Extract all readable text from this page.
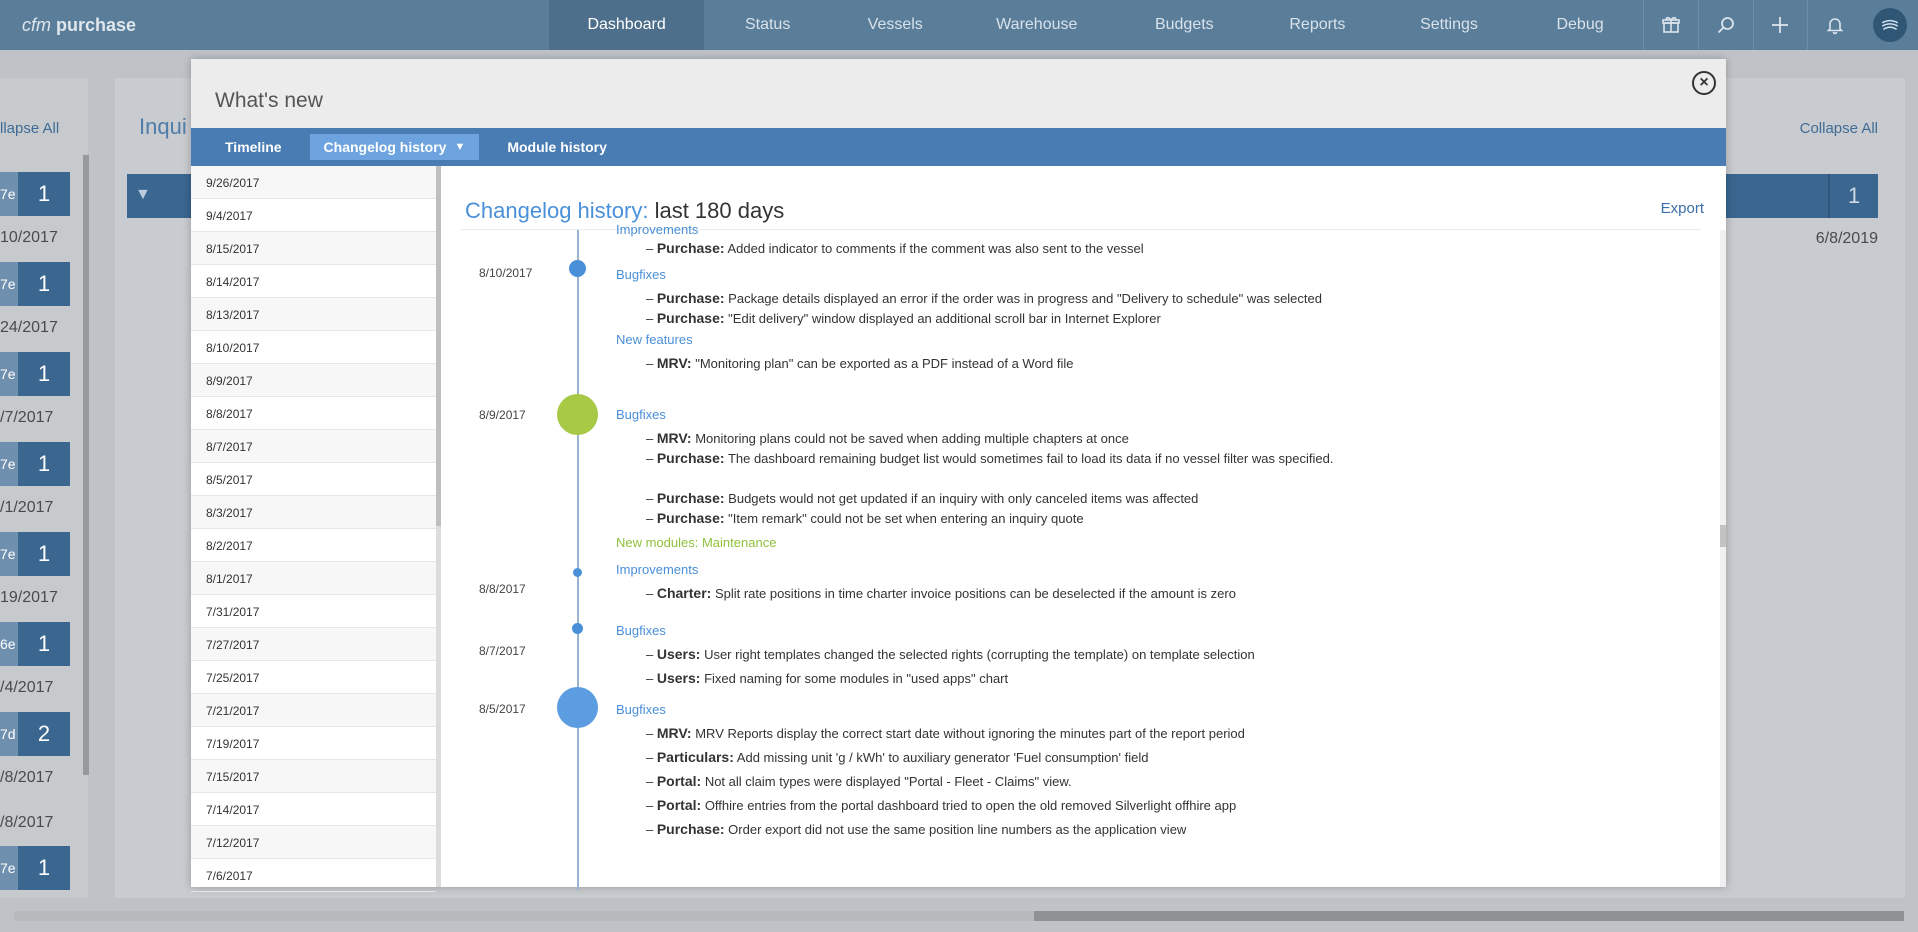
cfm purchase	Dashboard	Status	Vessels	Warehouse	Budgets	Reports	Settings	Debug
llapse All
7e	1
10/2017
7e	1
24/2017
7e	1
/7/2017
7e	1
/1/2017
7e	1
19/2017
6e	1
/4/2017
7d	2
/8/2017
/8/2017
7e	1
Inqui
▼
Collapse All
1
6/8/2019
What's new
×
Timeline	Changelog history ▼	Module history
9/26/2017
9/4/2017
8/15/2017
8/14/2017
8/13/2017
8/10/2017
8/9/2017
8/8/2017
8/7/2017
8/5/2017
8/3/2017
8/2/2017
8/1/2017
7/31/2017
7/27/2017
7/25/2017
7/21/2017
7/19/2017
7/15/2017
7/14/2017
7/12/2017
7/6/2017
Changelog history: last 180 days	Export
Improvements
– Purchase: Added indicator to comments if the comment was also sent to the vessel
8/10/2017	Bugfixes
– Purchase: Package details displayed an error if the order was in progress and "Delivery to schedule" was selected
– Purchase: "Edit delivery" window displayed an additional scroll bar in Internet Explorer
New features
– MRV: "Monitoring plan" can be exported as a PDF instead of a Word file
8/9/2017	Bugfixes
– MRV: Monitoring plans could not be saved when adding multiple chapters at once
– Purchase: The dashboard remaining budget list would sometimes fail to load its data if no vessel filter was specified.
– Purchase: Budgets would not get updated if an inquiry with only canceled items was affected
– Purchase: "Item remark" could not be set when entering an inquiry quote
New modules: Maintenance
8/8/2017
Improvements
– Charter: Split rate positions in time charter invoice positions can be deselected if the amount is zero
8/7/2017
Bugfixes
– Users: User right templates changed the selected rights (corrupting the template) on template selection
– Users: Fixed naming for some modules in "used apps" chart
8/5/2017	Bugfixes
– MRV: MRV Reports display the correct start date without ignoring the minutes part of the report period
– Particulars: Add missing unit 'g / kWh' to auxiliary generator 'Fuel consumption' field
– Portal: Not all claim types were displayed "Portal - Fleet - Claims" view.
– Portal: Offhire entries from the portal dashboard tried to open the old removed Silverlight offhire app
– Purchase: Order export did not use the same position line numbers as the application view
